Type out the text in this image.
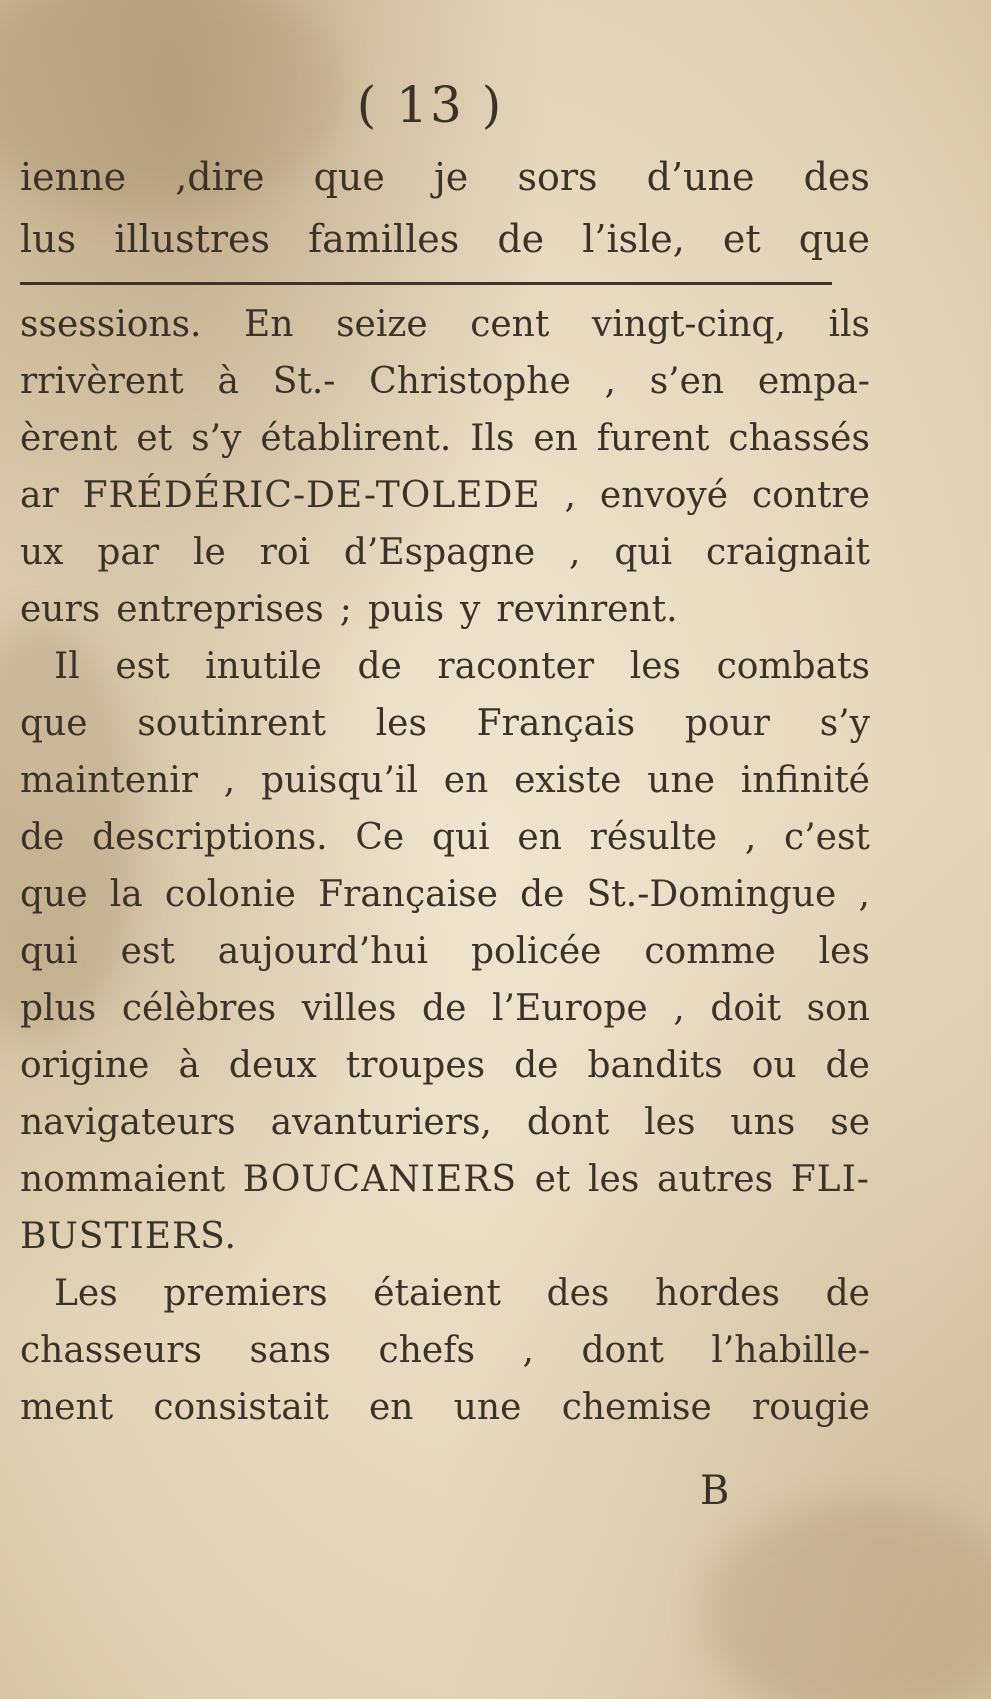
( 13 )
ienne ,dire que je sors d’une des
lus illustres familles de l’isle, et que
ssessions. En seize cent vingt-cinq, ils
rrivèrent à St.- Christophe , s’en empa-
èrent et s’y établirent. Ils en furent chassés
ar FRÉDÉRIC-DE-TOLEDE , envoyé contre
ux par le roi d’Espagne , qui craignait
eurs entreprises ; puis y revinrent.
Il est inutile de raconter les combats
que soutinrent les Français pour s’y
maintenir , puisqu’il en existe une infinité
de descriptions. Ce qui en résulte , c’est
que la colonie Française de St.-Domingue ,
qui est aujourd’hui policée comme les
plus célèbres villes de l’Europe , doit son
origine à deux troupes de bandits ou de
navigateurs avanturiers, dont les uns se
nommaient BOUCANIERS et les autres FLI-
BUSTIERS.
Les premiers étaient des hordes de
chasseurs sans chefs , dont l’habille-
ment consistait en une chemise rougie
B
